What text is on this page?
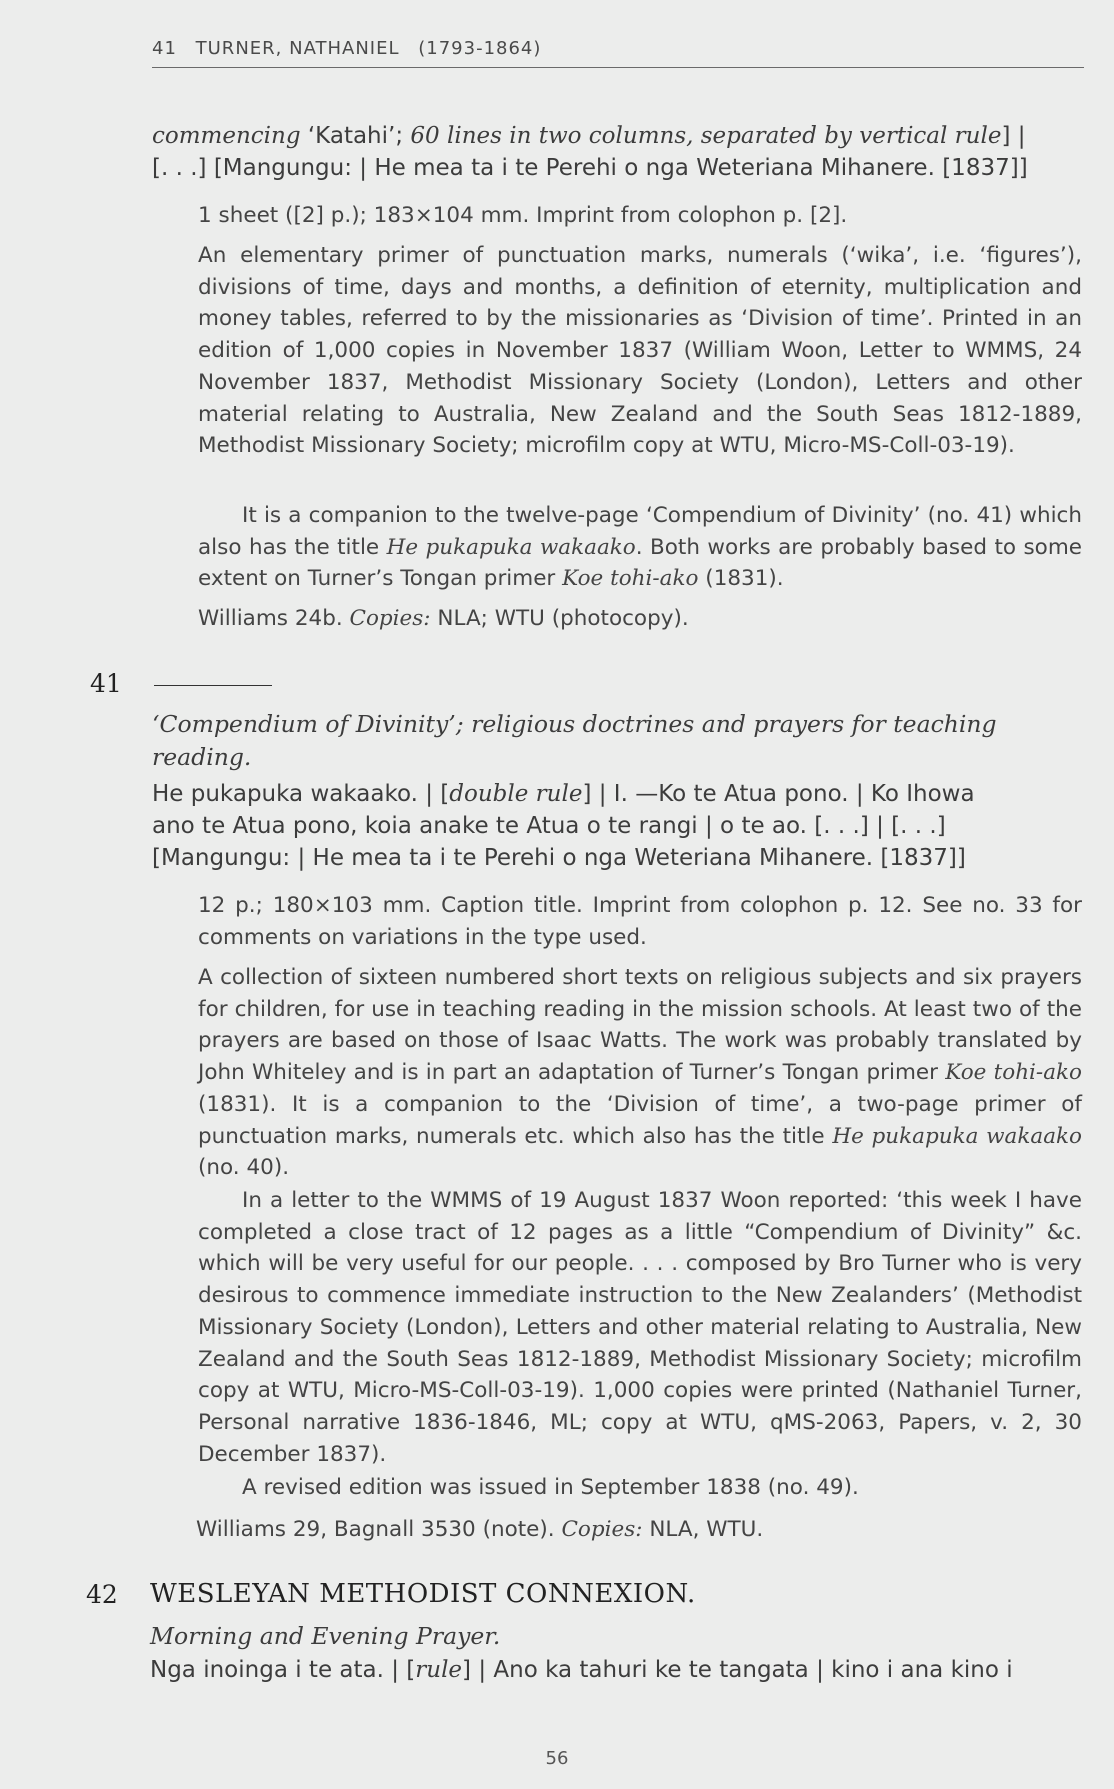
41 TURNER, NATHANIEL (1793-1864)
commencing ‘Katahi’; 60 lines in two columns, separated by vertical rule] |
[. . .] [Mangungu: | He mea ta i te Perehi o nga Weteriana Mihanere. [1837]]
1 sheet ([2] p.); 183×104 mm. Imprint from colophon p. [2].
An elementary primer of punctuation marks, numerals (‘wika’, i.e. ‘figures’), divisions of time, days and months, a definition of eternity, multiplication and money tables, referred to by the missionaries as ‘Division of time’. Printed in an edition of 1,000 copies in November 1837 (William Woon, Letter to WMMS, 24 November 1837, Methodist Missionary Society (London), Letters and other material relating to Australia, New Zealand and the South Seas 1812-1889, Methodist Missionary Society; microfilm copy at WTU, Micro-MS-Coll-03-19).
It is a companion to the twelve-page ‘Compendium of Divinity’ (no. 41) which also has the title He pukapuka wakaako. Both works are probably based to some extent on Turner’s Tongan primer Koe tohi-ako (1831).
Williams 24b. Copies: NLA; WTU (photocopy).
41
‘Compendium of Divinity’; religious doctrines and prayers for teaching
reading.
He pukapuka wakaako. | [double rule] | I. —Ko te Atua pono. | Ko Ihowa
ano te Atua pono, koia anake te Atua o te rangi | o te ao. [. . .] | [. . .]
[Mangungu: | He mea ta i te Perehi o nga Weteriana Mihanere. [1837]]
12 p.; 180×103 mm. Caption title. Imprint from colophon p. 12. See no. 33 for comments on variations in the type used.
A collection of sixteen numbered short texts on religious subjects and six prayers for children, for use in teaching reading in the mission schools. At least two of the prayers are based on those of Isaac Watts. The work was probably translated by John Whiteley and is in part an adaptation of Turner’s Tongan primer Koe tohi-ako (1831). It is a companion to the ‘Division of time’, a two-page primer of punctuation marks, numerals etc. which also has the title He pukapuka wakaako (no. 40).
In a letter to the WMMS of 19 August 1837 Woon reported: ‘this week I have completed a close tract of 12 pages as a little “Compendium of Divinity” &c. which will be very useful for our people. . . . composed by Bro Turner who is very desirous to commence immediate instruction to the New Zealanders’ (Methodist Missionary Society (London), Letters and other material relating to Australia, New Zealand and the South Seas 1812-1889, Methodist Missionary Society; microfilm copy at WTU, Micro-MS-Coll-03-19). 1,000 copies were printed (Nathaniel Turner, Personal narrative 1836-1846, ML; copy at WTU, qMS-2063, Papers, v. 2, 30 December 1837).
A revised edition was issued in September 1838 (no. 49).
Williams 29, Bagnall 3530 (note). Copies: NLA, WTU.
42 WESLEYAN METHODIST CONNEXION.
Morning and Evening Prayer.
Nga inoinga i te ata. | [rule] | Ano ka tahuri ke te tangata | kino i ana kino i
56
